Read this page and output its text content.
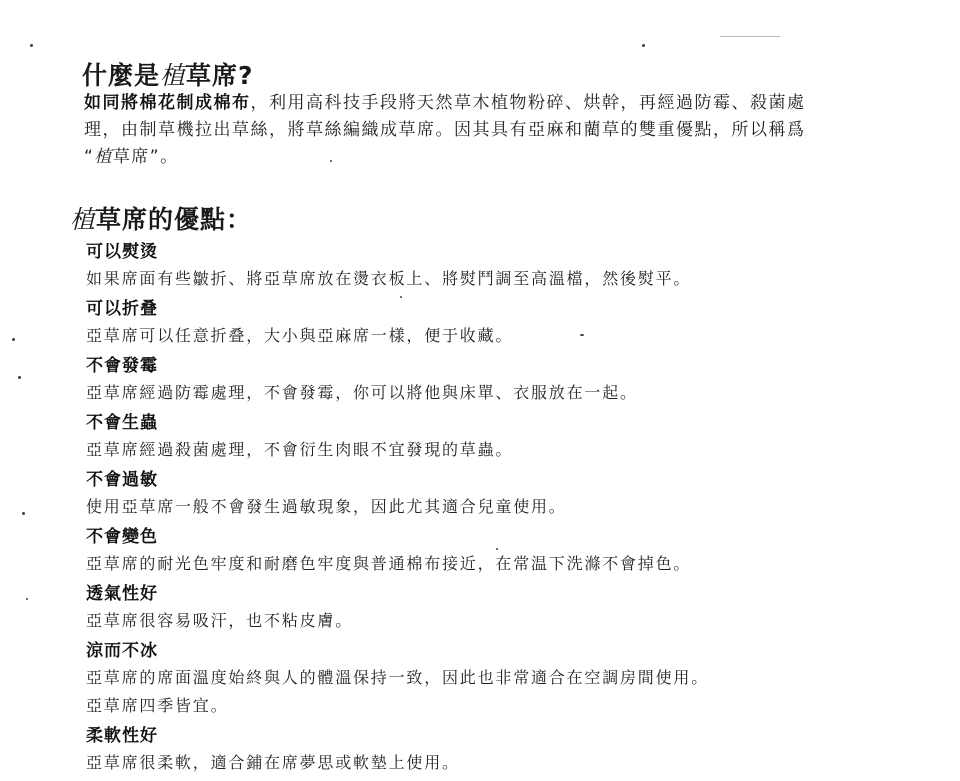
什麼是植草席?
如同將棉花制成棉布，利用高科技手段將天然草木植物粉碎、烘幹，再經過防霉、殺菌處
理，由制草機拉出草絲，將草絲編織成草席。因其具有亞麻和藺草的雙重優點，所以稱爲
“植草席”。
植草席的優點：
可以熨烫
如果席面有些皺折、將亞草席放在燙衣板上、將熨鬥調至高溫檔，然後熨平。
可以折叠
亞草席可以任意折叠，大小與亞麻席一樣，便于收藏。
不會發霉
亞草席經過防霉處理，不會發霉，你可以將他與床單、衣服放在一起。
不會生蟲
亞草席經過殺菌處理，不會衍生肉眼不宜發現的草蟲。
不會過敏
使用亞草席一般不會發生過敏現象，因此尤其適合兒童使用。
不會變色
亞草席的耐光色牢度和耐磨色牢度與普通棉布接近，在常温下洗滌不會掉色。
透氣性好
亞草席很容易吸汗，也不粘皮膚。
涼而不冰
亞草席的席面溫度始終與人的體溫保持一致，因此也非常適合在空調房間使用。
亞草席四季皆宜。
柔軟性好
亞草席很柔軟，適合鋪在席夢思或軟墊上使用。
